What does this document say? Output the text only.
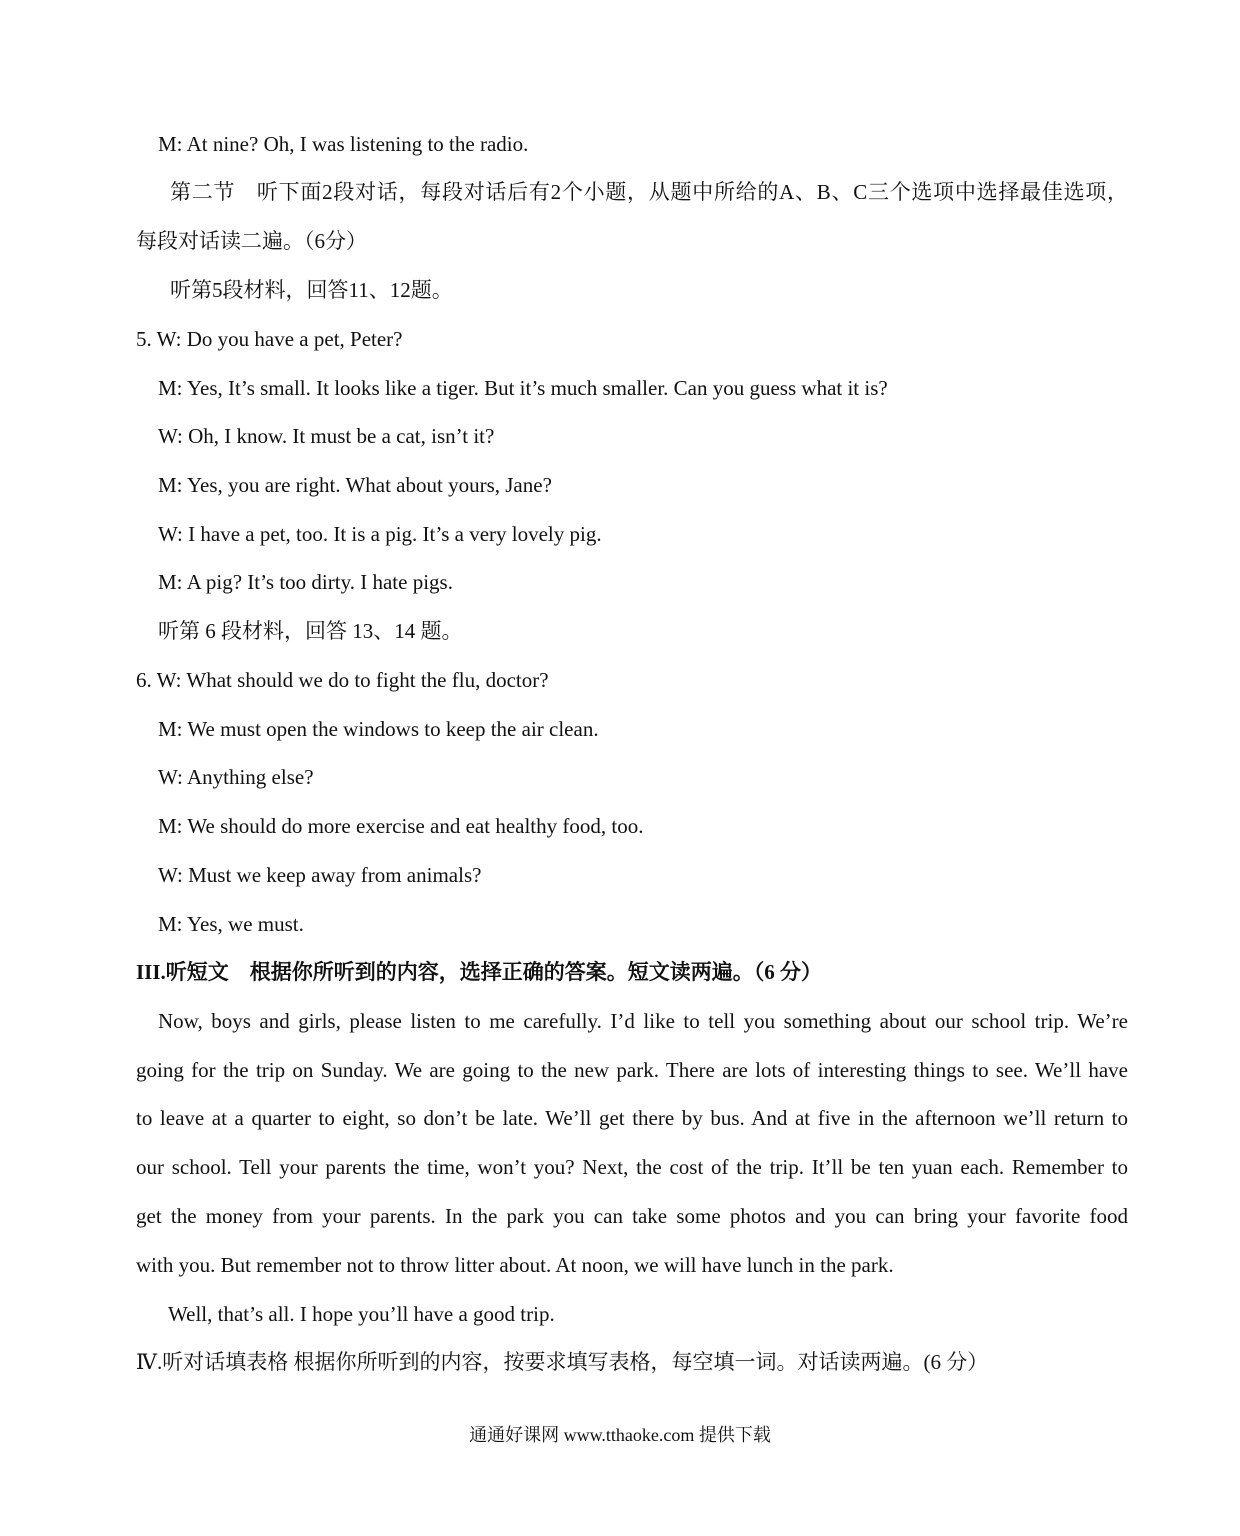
M: At nine? Oh, I was listening to the radio.
第二节　听下面2段对话，每段对话后有2个小题，从题中所给的A、B、C三个选项中选择最佳选项，
每段对话读二遍。（6分）
听第5段材料，回答11、12题。
5. W: Do you have a pet, Peter?
M: Yes, It’s small. It looks like a tiger. But it’s much smaller. Can you guess what it is?
W: Oh, I know. It must be a cat, isn’t it?
M: Yes, you are right. What about yours, Jane?
W: I have a pet, too. It is a pig. It’s a very lovely pig.
M: A pig? It’s too dirty. I hate pigs.
听第 6 段材料，回答 13、14 题。
6. W: What should we do to fight the flu, doctor?
M: We must open the windows to keep the air clean.
W: Anything else?
M: We should do more exercise and eat healthy food, too.
W: Must we keep away from animals?
M: Yes, we must.
III.听短文　根据你所听到的内容，选择正确的答案。短文读两遍。（6 分）
Now, boys and girls, please listen to me carefully. I’d like to tell you something about our school trip. We’re
going for the trip on Sunday. We are going to the new park. There are lots of interesting things to see. We’ll have
to leave at a quarter to eight, so don’t be late. We’ll get there by bus. And at five in the afternoon we’ll return to
our school. Tell your parents the time, won’t you? Next, the cost of the trip. It’ll be ten yuan each. Remember to
get the money from your parents. In the park you can take some photos and you can bring your favorite food
with you. But remember not to throw litter about. At noon, we will have lunch in the park.
Well, that’s all. I hope you’ll have a good trip.
Ⅳ.听对话填表格 根据你所听到的内容，按要求填写表格，每空填一词。对话读两遍。(6 分）
通通好课网 www.tthaoke.com 提供下载
